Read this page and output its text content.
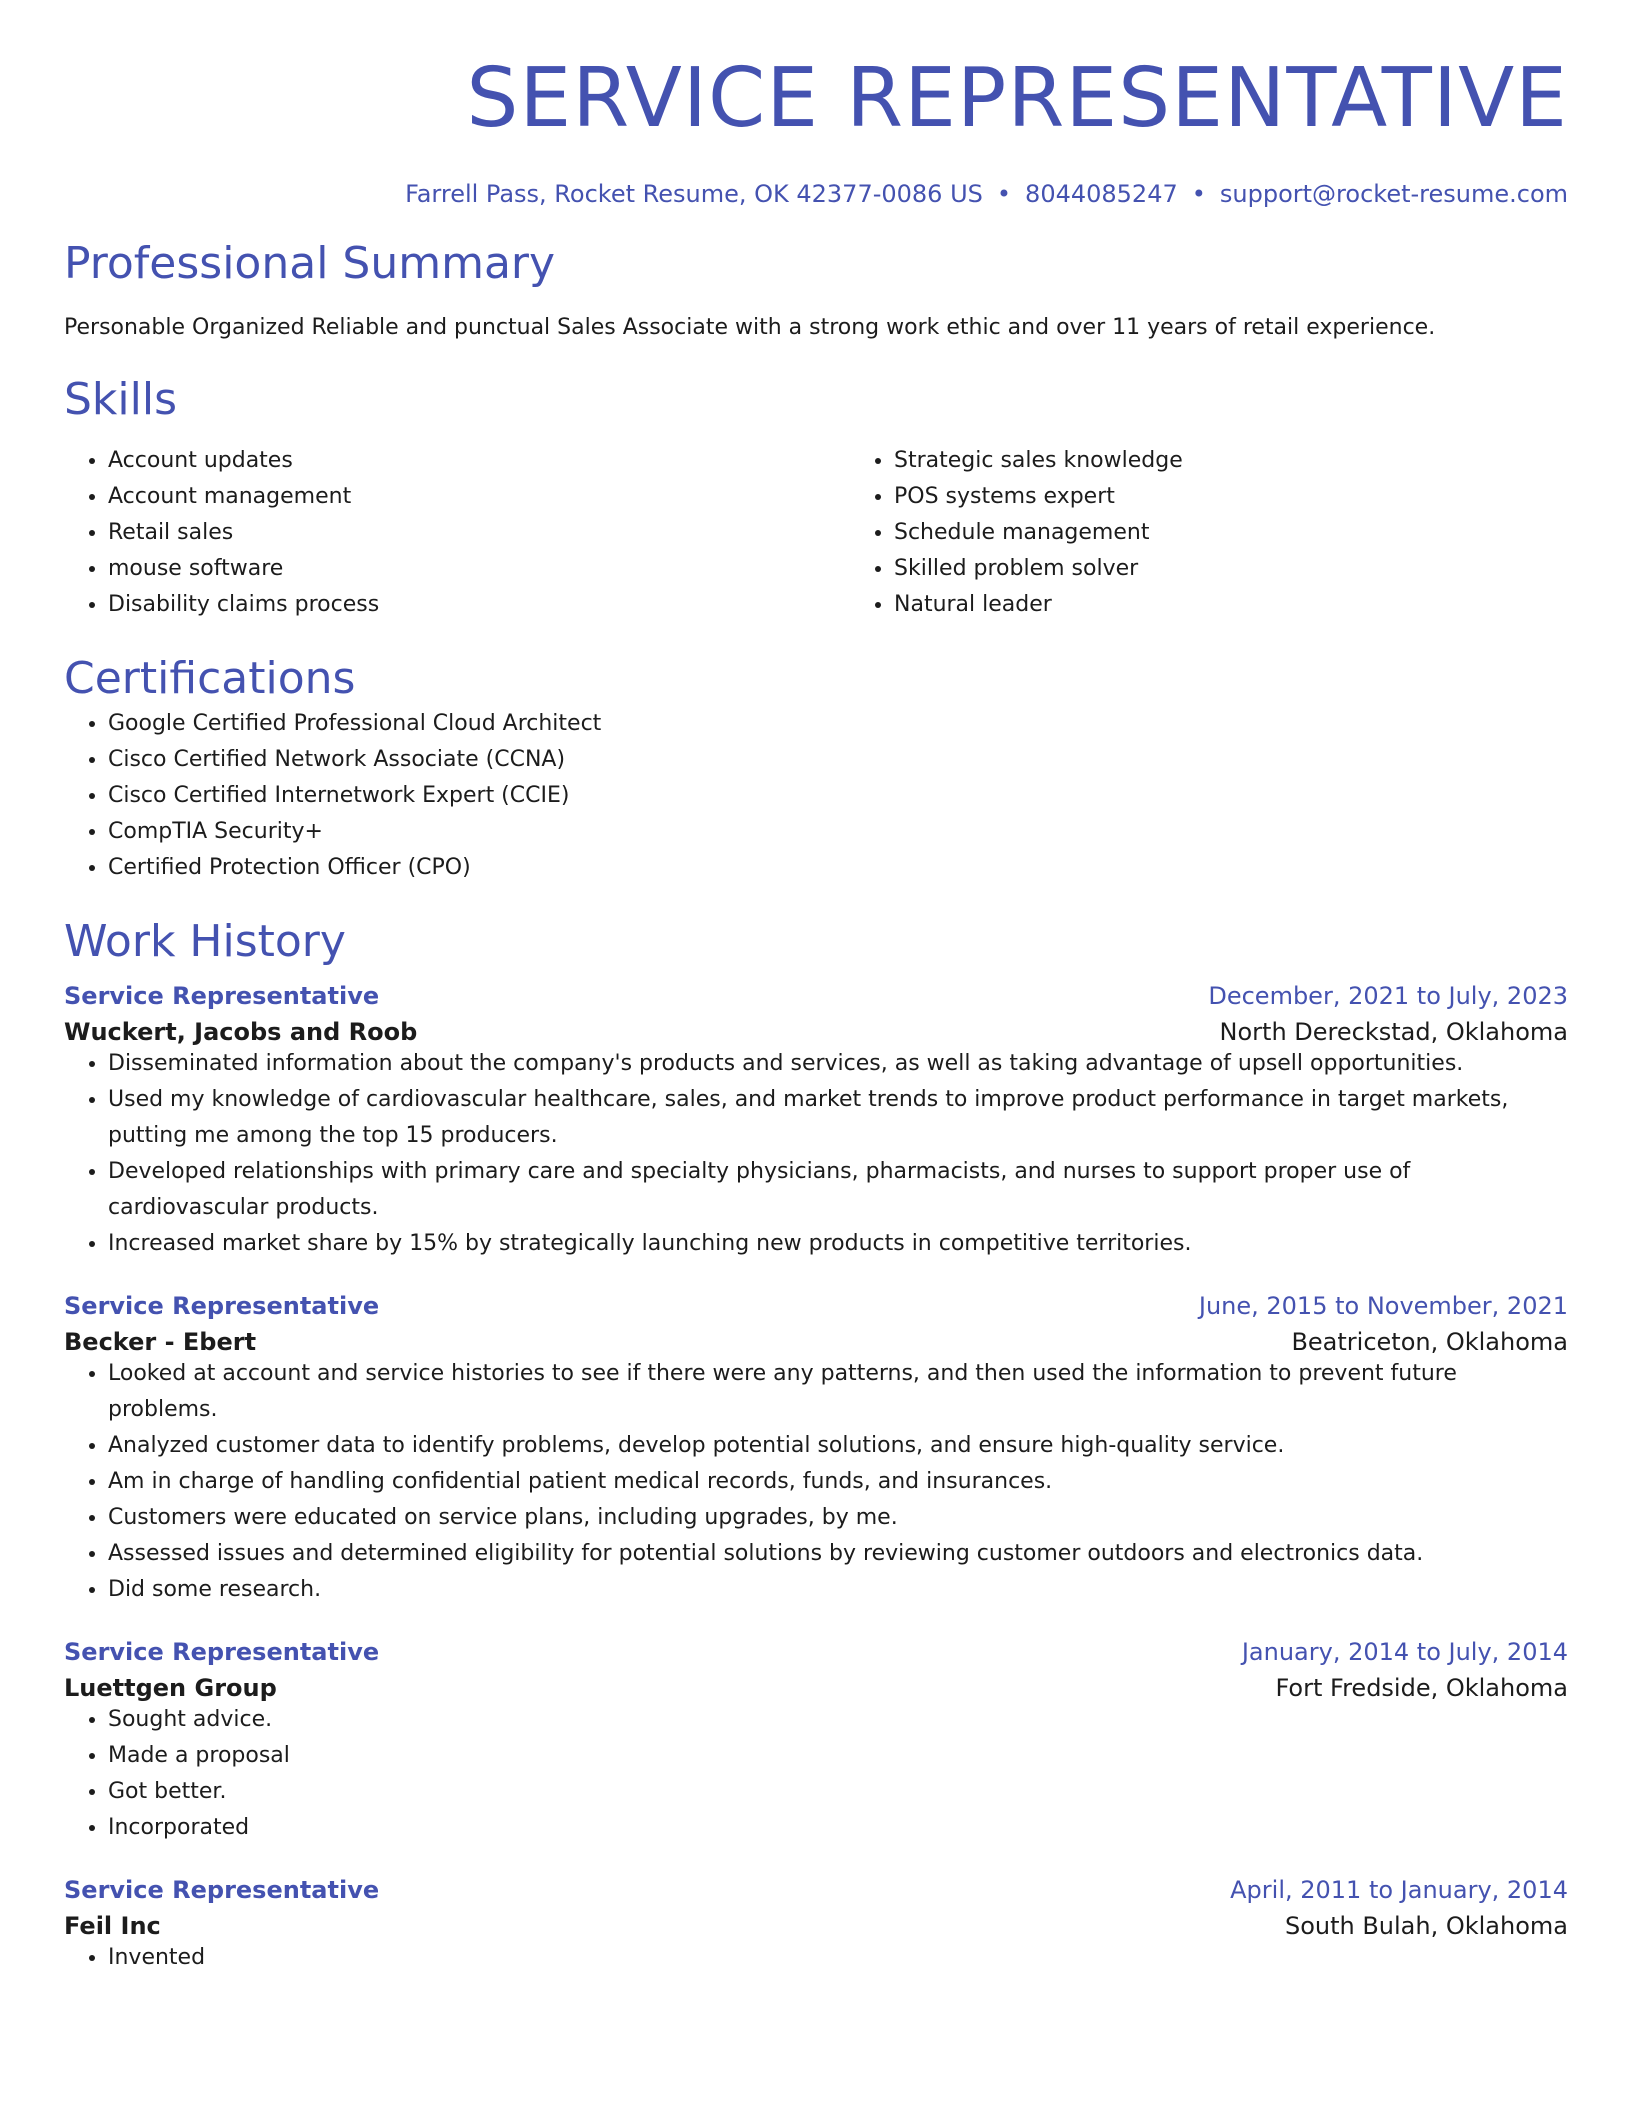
SERVICE REPRESENTATIVE
Farrell Pass, Rocket Resume, OK 42377-0086 US • 8044085247 • support@rocket-resume.com
Professional Summary
Personable Organized Reliable and punctual Sales Associate with a strong work ethic and over 11 years of retail experience.
Skills
• Account updates
• Account management
• Retail sales
• mouse software
• Disability claims process
• Strategic sales knowledge
• POS systems expert
• Schedule management
• Skilled problem solver
• Natural leader
Certifications
• Google Certified Professional Cloud Architect
• Cisco Certified Network Associate (CCNA)
• Cisco Certified Internetwork Expert (CCIE)
• CompTIA Security+
• Certified Protection Officer (CPO)
Work History
Service Representative	December, 2021 to July, 2023
Wuckert, Jacobs and Roob	North Dereckstad, Oklahoma
• Disseminated information about the company's products and services, as well as taking advantage of upsell opportunities.
• Used my knowledge of cardiovascular healthcare, sales, and market trends to improve product performance in target markets, putting me among the top 15 producers.
• Developed relationships with primary care and specialty physicians, pharmacists, and nurses to support proper use of cardiovascular products.
• Increased market share by 15% by strategically launching new products in competitive territories.
Service Representative	June, 2015 to November, 2021
Becker - Ebert	Beatriceton, Oklahoma
• Looked at account and service histories to see if there were any patterns, and then used the information to prevent future problems.
• Analyzed customer data to identify problems, develop potential solutions, and ensure high-quality service.
• Am in charge of handling confidential patient medical records, funds, and insurances.
• Customers were educated on service plans, including upgrades, by me.
• Assessed issues and determined eligibility for potential solutions by reviewing customer outdoors and electronics data.
• Did some research.
Service Representative	January, 2014 to July, 2014
Luettgen Group	Fort Fredside, Oklahoma
• Sought advice.
• Made a proposal
• Got better.
• Incorporated
Service Representative	April, 2011 to January, 2014
Feil Inc	South Bulah, Oklahoma
• Invented
